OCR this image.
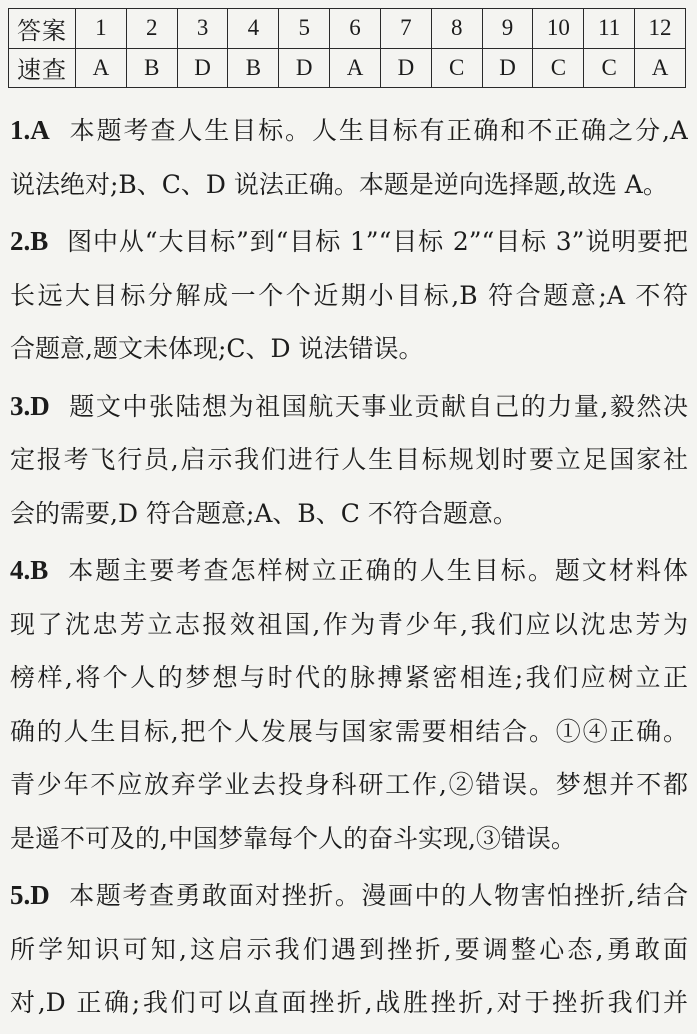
答案	1	2	3	4	5	6	7	8	9	10	11	12
速查	A	B	D	B	D	A	D	C	D	C	C	A
1.A 本题考查人生目标。人生目标有正确和不正确之分,A
说法绝对;B、C、D 说法正确。本题是逆向选择题,故选 A。
2.B 图中从“大目标”到“目标 1”“目标 2”“目标 3”说明要把
长远大目标分解成一个个近期小目标,B 符合题意;A 不符
合题意,题文未体现;C、D 说法错误。
3.D 题文中张陆想为祖国航天事业贡献自己的力量,毅然决
定报考飞行员,启示我们进行人生目标规划时要立足国家社
会的需要,D 符合题意;A、B、C 不符合题意。
4.B 本题主要考查怎样树立正确的人生目标。题文材料体
现了沈忠芳立志报效祖国,作为青少年,我们应以沈忠芳为
榜样,将个人的梦想与时代的脉搏紧密相连;我们应树立正
确的人生目标,把个人发展与国家需要相结合。①④正确。
青少年不应放弃学业去投身科研工作,②错误。梦想并不都
是遥不可及的,中国梦靠每个人的奋斗实现,③错误。
5.D 本题考查勇敢面对挫折。漫画中的人物害怕挫折,结合
所学知识可知,这启示我们遇到挫折,要调整心态,勇敢面
对,D 正确;我们可以直面挫折,战胜挫折,对于挫折我们并
